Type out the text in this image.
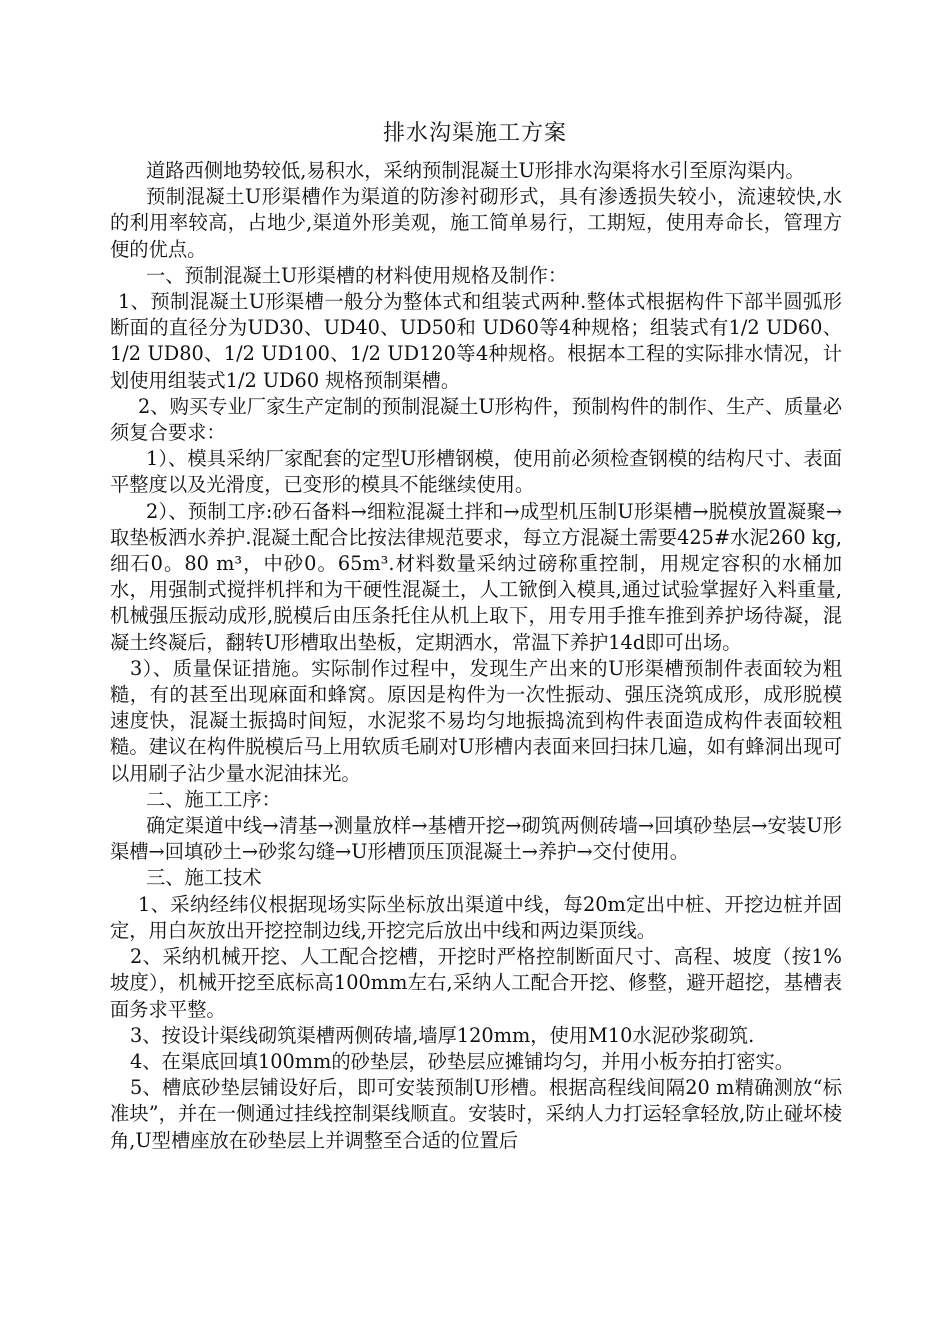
排水沟渠施工方案

道路西侧地势较低,易积水，采纳预制混凝土U形排水沟渠将水引至原沟渠内。

预制混凝土U形渠槽作为渠道的防渗衬砌形式，具有渗透损失较小，流速较快,水的利用率较高，占地少,渠道外形美观，施工简单易行，工期短，使用寿命长，管理方便的优点。

一、预制混凝土U形渠槽的材料使用规格及制作：

1、预制混凝土U形渠槽一般分为整体式和组装式两种.整体式根据构件下部半圆弧形断面的直径分为UD30、UD40、UD50和 UD60等4种规格；组装式有1/2 UD60、1/2 UD80、1/2 UD100、1/2 UD120等4种规格。根据本工程的实际排水情况，计划使用组装式1/2 UD60 规格预制渠槽。

2、购买专业厂家生产定制的预制混凝土U形构件，预制构件的制作、生产、质量必须复合要求：

1）、模具采纳厂家配套的定型U形槽钢模，使用前必须检查钢模的结构尺寸、表面平整度以及光滑度，已变形的模具不能继续使用。

2）、预制工序:砂石备料→细粒混凝土拌和→成型机压制U形渠槽→脱模放置凝聚→取垫板洒水养护.混凝土配合比按法律规范要求，每立方混凝土需要425#水泥260 kg,细石0。80 m³，中砂0。65m³.材料数量采纳过磅称重控制，用规定容积的水桶加水，用强制式搅拌机拌和为干硬性混凝土，人工锨倒入模具,通过试验掌握好入料重量,机械强压振动成形,脱模后由压条托住从机上取下，用专用手推车推到养护场待凝，混凝土终凝后，翻转U形槽取出垫板，定期洒水，常温下养护14d即可出场。

3）、质量保证措施。实际制作过程中，发现生产出来的U形渠槽预制件表面较为粗糙，有的甚至出现麻面和蜂窝。原因是构件为一次性振动、强压浇筑成形，成形脱模速度快，混凝土振捣时间短，水泥浆不易均匀地振捣流到构件表面造成构件表面较粗糙。建议在构件脱模后马上用软质毛刷对U形槽内表面来回扫抹几遍，如有蜂洞出现可以用刷子沾少量水泥油抹光。

二、施工工序：

确定渠道中线→清基→测量放样→基槽开挖→砌筑两侧砖墙→回填砂垫层→安装U形渠槽→回填砂土→砂浆勾缝→U形槽顶压顶混凝土→养护→交付使用。

三、施工技术

1、采纳经纬仪根据现场实际坐标放出渠道中线，每20m定出中桩、开挖边桩并固定，用白灰放出开挖控制边线,开挖完后放出中线和两边渠顶线。

2、采纳机械开挖、人工配合挖槽，开挖时严格控制断面尺寸、高程、坡度（按1%坡度），机械开挖至底标高100mm左右,采纳人工配合开挖、修整，避开超挖，基槽表面务求平整。

3、按设计渠线砌筑渠槽两侧砖墙,墙厚120mm，使用M10水泥砂浆砌筑.

4、在渠底回填100mm的砂垫层，砂垫层应摊铺均匀，并用小板夯拍打密实。

5、槽底砂垫层铺设好后，即可安装预制U形槽。根据高程线间隔20 m精确测放“标准块”，并在一侧通过挂线控制渠线顺直。安装时，采纳人力打运轻拿轻放,防止碰坏棱角,U型槽座放在砂垫层上并调整至合适的位置后
